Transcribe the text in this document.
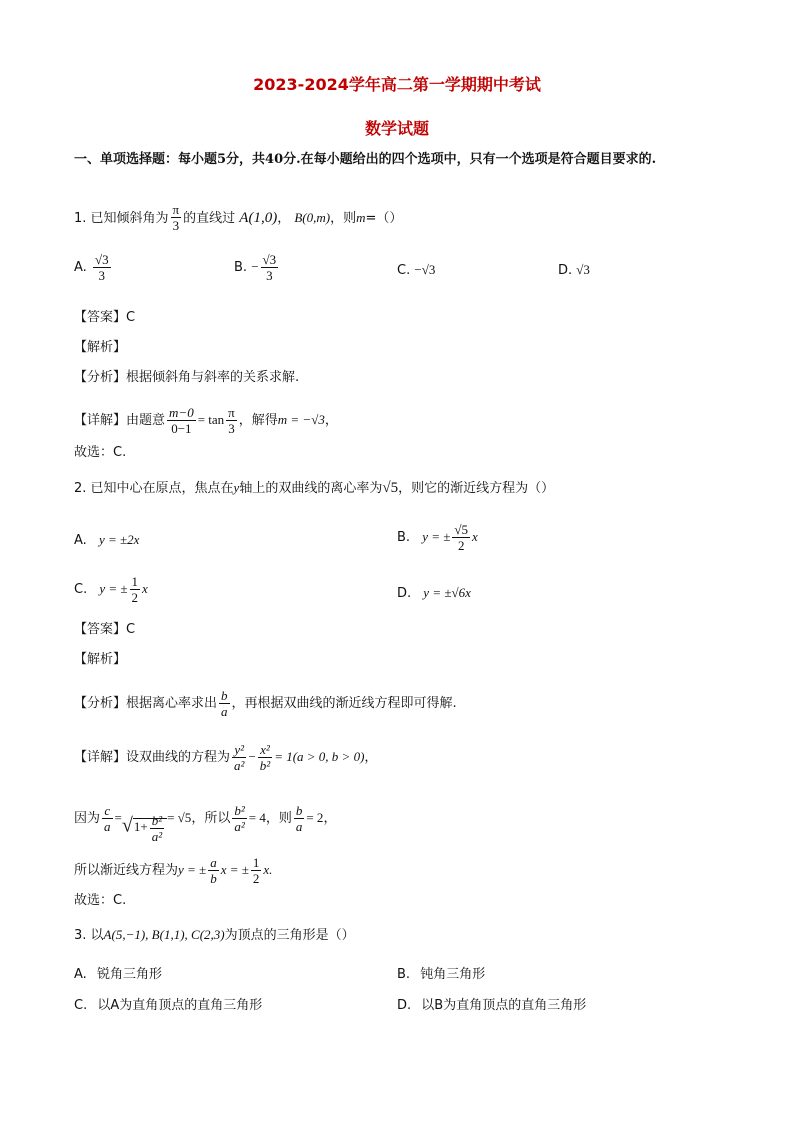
2023-2024学年高二第一学期期中考试
数学试题
一、单项选择题：每小题5分，共40分.在每小题给出的四个选项中，只有一个选项是符合题目要求的.
1. 已知倾斜角为 $\frac{\pi}{3}$ 的直线过 A(1,0)， B(0,m)，则m=（）
A. $\frac{√3}{3}$	B. − $\frac{√3}{3}$	C. −√3	D. √3
【答案】C
【解析】
【分析】根据倾斜角与斜率的关系求解.
【详解】由题意 $\frac{m-0}{0-1} = \tan \frac{\pi}{3}$ ，解得m = −√3，
故选：C.
2. 已知中心在原点，焦点在y轴上的双曲线的离心率为√5，则它的渐近线方程为（）
A. y = ±2x	B. y = ± $\frac{√5}{2}$ x
C. y = ± $\frac{1}{2}$ x	D. y = ±√6x
【答案】C
【解析】
【分析】根据离心率求出 $\frac{b}{a}$ ，再根据双曲线的渐近线方程即可得解.
【详解】设双曲线的方程为 $\frac{\text{y²}}{\text{a²}} - \frac{\text{x²}}{\text{b²}} = 1(a > 0$, b > 0)，
因为 $\frac{c}{a} =√1+ \frac{\text{b²}}{\text{a²}} = √5$，所以 $\frac{\text{b²}}{\text{a²}} = 4$，则 $\frac{b}{a} = 2$，
所以渐近线方程为y = ± $\frac{a}{b}$ x = ± $\frac{1}{2} x$.
故选：C.
3. 以A(5,−1), B(1,1), C(2,3)为顶点的三角形是（）
A. 锐角三角形	B. 钝角三角形
C. 以A为直角顶点的直角三角形	D. 以B为直角顶点的直角三角形
